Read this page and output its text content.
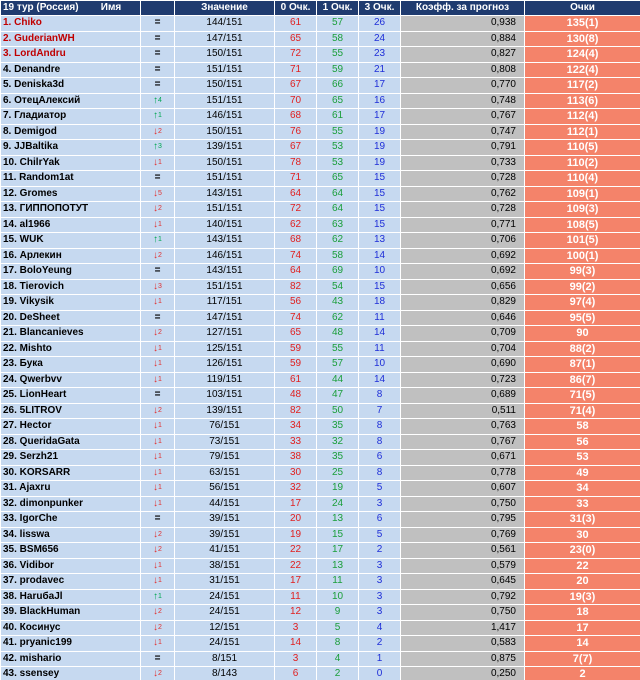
19 тур (Россия) Имя		Значение	0 Очк.	1 Очк.	3 Очк.	Коэфф. за прогноз	Очки
1. Chiko	=	144/151	61	57	26	0,938	135(1)
2. GuderianWH	=	147/151	65	58	24	0,884	130(8)
3. LordAndru	=	150/151	72	55	23	0,827	124(4)
4. Denandre	=	151/151	71	59	21	0,808	122(4)
5. Deniska3d	=	150/151	67	66	17	0,770	117(2)
6. ОтецАлексий	↑4	151/151	70	65	16	0,748	113(6)
7. Гладиатор	↑1	146/151	68	61	17	0,767	112(4)
8. Demigod	↓2	150/151	76	55	19	0,747	112(1)
9. JJBaltika	↑3	139/151	67	53	19	0,791	110(5)
10. ChilrYak	↓1	150/151	78	53	19	0,733	110(2)
11. Random1at	=	151/151	71	65	15	0,728	110(4)
12. Gromes	↓5	143/151	64	64	15	0,762	109(1)
13. ГИППОПОТУТ	↓2	151/151	72	64	15	0,728	109(3)
14. al1966	↓1	140/151	62	63	15	0,771	108(5)
15. WUK	↑1	143/151	68	62	13	0,706	101(5)
16. Арлекин	↓2	146/151	74	58	14	0,692	100(1)
17. BoloYeung	=	143/151	64	69	10	0,692	99(3)
18. Tierovich	↓3	151/151	82	54	15	0,656	99(2)
19. Vikysik	↓1	117/151	56	43	18	0,829	97(4)
20. DeSheet	=	147/151	74	62	11	0,646	95(5)
21. Blancanieves	↓2	127/151	65	48	14	0,709	90
22. Mishto	↓1	125/151	59	55	11	0,704	88(2)
23. Бука	↓1	126/151	59	57	10	0,690	87(1)
24. Qwerbvv	↓1	119/151	61	44	14	0,723	86(7)
25. LionHeart	=	103/151	48	47	8	0,689	71(5)
26. 5LITROV	↓2	139/151	82	50	7	0,511	71(4)
27. Hector	↓1	76/151	34	35	8	0,763	58
28. QueridaGata	↓1	73/151	33	32	8	0,767	56
29. Serzh21	↓1	79/151	38	35	6	0,671	53
30. KORSARR	↓1	63/151	30	25	8	0,778	49
31. Ajaxru	↓1	56/151	32	19	5	0,607	34
32. dimonpunker	↓1	44/151	17	24	3	0,750	33
33. IgorChe	=	39/151	20	13	6	0,795	31(3)
34. lisswa	↓2	39/151	19	15	5	0,769	30
35. BSM656	↓2	41/151	22	17	2	0,561	23(0)
36. Vidibor	↓1	38/151	22	13	3	0,579	22
37. prodavec	↓1	31/151	17	11	3	0,645	20
38. HaruбaJl	↑1	24/151	11	10	3	0,792	19(3)
39. BlackHuman	↓2	24/151	12	9	3	0,750	18
40. Косинус	↓2	12/151	3	5	4	1,417	17
41. pryanic199	↓1	24/151	14	8	2	0,583	14
42. mishario	=	8/151	3	4	1	0,875	7(7)
43. ssensey	↓2	8/143	6	2	0	0,250	2
